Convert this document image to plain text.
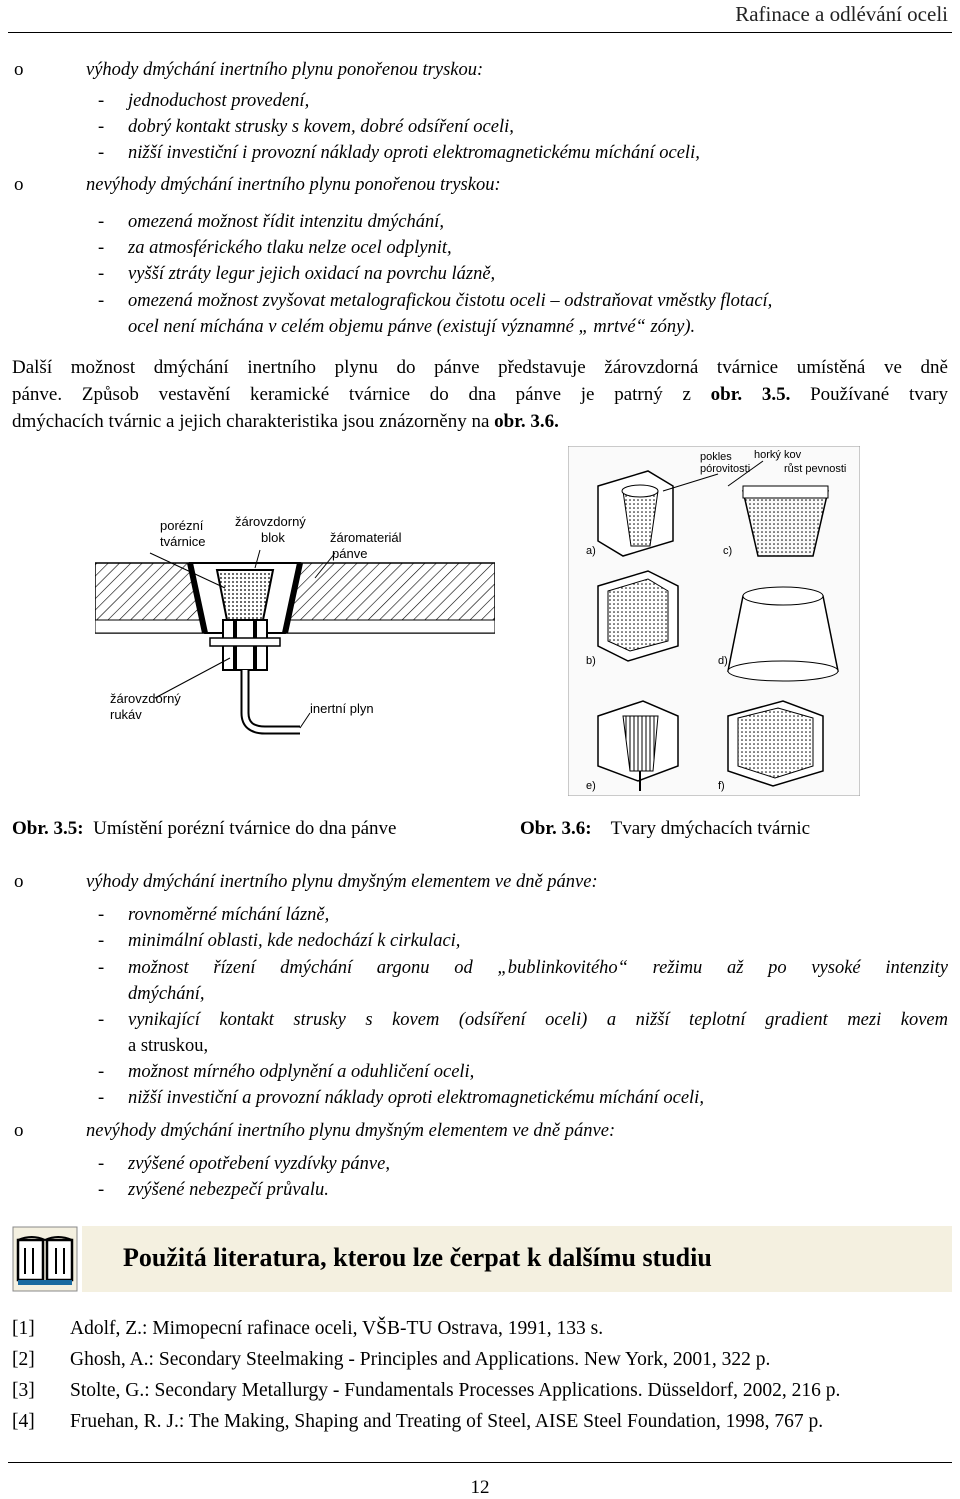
Rafinace a odlévání oceli
o	výhody dmýchání inertního plynu ponořenou tryskou:
- jednoduchost provedení,
- dobrý kontakt strusky s kovem, dobré odsíření oceli,
- nižší investiční i provozní náklady oproti elektromagnetickému míchání oceli,
o	nevýhody dmýchání inertního plynu ponořenou tryskou:
- omezená možnost řídit intenzitu dmýchání,
- za atmosférického tlaku nelze ocel odplynit,
- vyšší ztráty legur jejich oxidací na povrchu lázně,
- omezená možnost zvyšovat metalografickou čistotu oceli – odstraňovat vměstky flotací,
ocel není míchána v celém objemu pánve (existují významné „ mrtvé“ zóny).
Další možnost dmýchání inertního plynu do pánve představuje žárovzdorná tvárnice umístěná ve dně
pánve. Způsob vestavění keramické tvárnice do dna pánve je patrný z obr. 3.5. Používané tvary
dmýchacích tvárnic a jejich charakteristika jsou znázorněny na obr. 3.6.
porézní
tvárnice
žárovzdorný
blok	žáromateriál
pánve
žárovzdorný
rukáv	inertní plyn
pokles
pórovitosti
horký kov
růst pevnosti
a)	c)
b)	d)
e)	f)
Obr. 3.5: Umístění porézní tvárnice do dna pánve	Obr. 3.6: Tvary dmýchacích tvárnic
o	výhody dmýchání inertního plynu dmyšným elementem ve dně pánve:
- rovnoměrné míchání lázně,
- minimální oblasti, kde nedochází k cirkulaci,
- možnost řízení dmýchání argonu od „bublinkovitého“ režimu až po vysoké intenzity
dmýchání,
- vynikající kontakt strusky s kovem (odsíření oceli) a nižší teplotní gradient mezi kovem
a struskou,
- možnost mírného odplynění a oduhličení oceli,
- nižší investiční a provozní náklady oproti elektromagnetickému míchání oceli,
o	nevýhody dmýchání inertního plynu dmyšným elementem ve dně pánve:
- zvýšené opotřebení vyzdívky pánve,
- zvýšené nebezpečí průvalu.
Použitá literatura, kterou lze čerpat k dalšímu studiu
[1] Adolf, Z.: Mimopecní rafinace oceli, VŠB-TU Ostrava, 1991, 133 s.
[2] Ghosh, A.: Secondary Steelmaking - Principles and Applications. New York, 2001, 322 p.
[3] Stolte, G.: Secondary Metallurgy - Fundamentals Processes Applications. Düsseldorf, 2002, 216 p.
[4] Fruehan, R. J.: The Making, Shaping and Treating of Steel, AISE Steel Foundation, 1998, 767 p.
12
